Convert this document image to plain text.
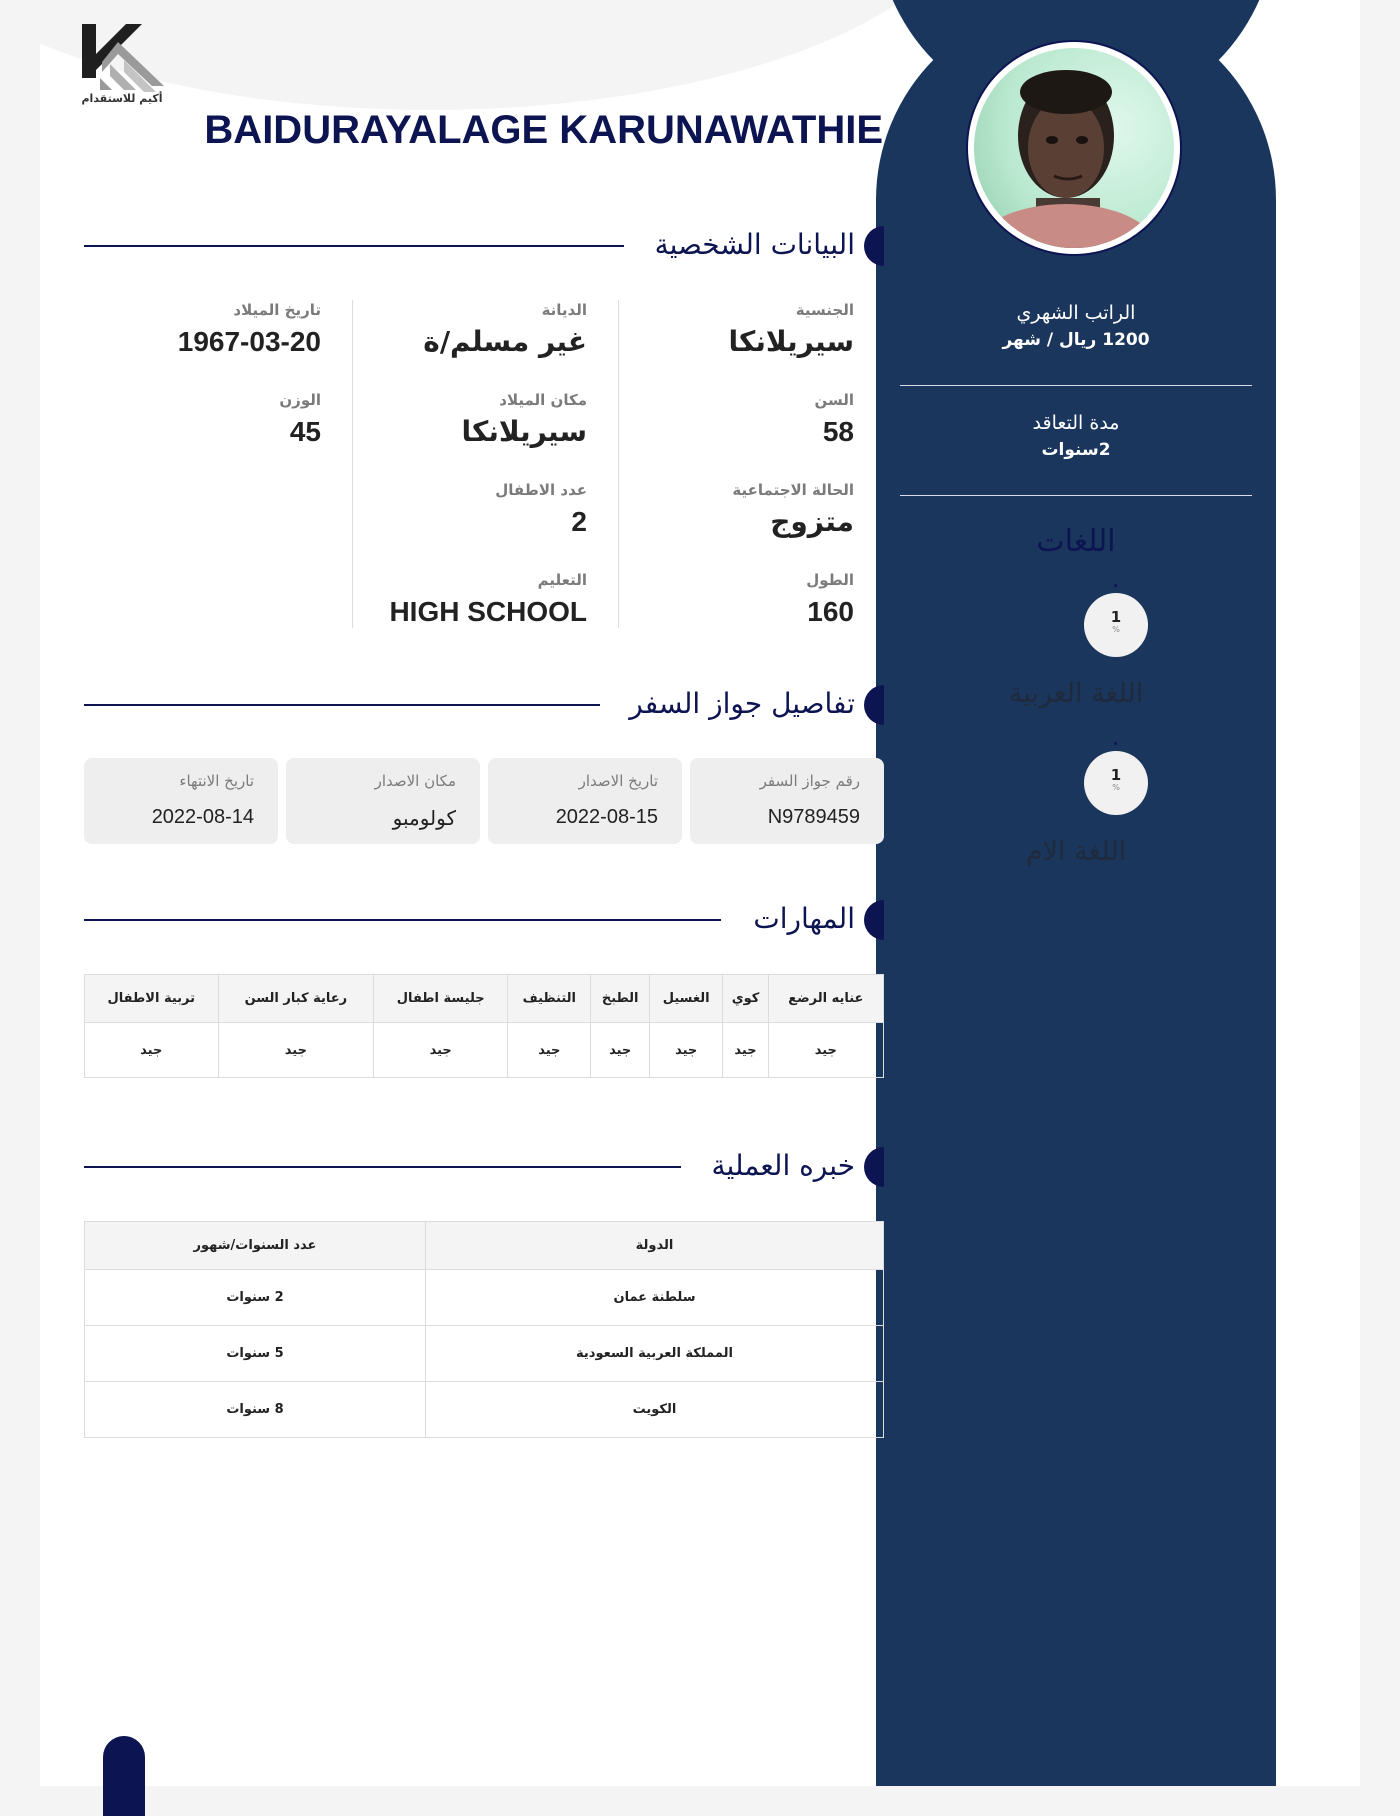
أكيم للاستقدام
الراتب الشهري
1200 ريال / شهر
مدة التعاقد
2سنوات
اللغات
1
%
اللغة العربية
1
%
اللغة الام
BAIDURAYALAGE KARUNAWATHIE
البيانات الشخصية
الجنسية
سيريلانكا
السن
58
الحالة الاجتماعية
متزوج
الطول
160
الديانة
غير مسلم/ة
مكان الميلاد
سيريلانكا
عدد الاطفال
2
التعليم
HIGH SCHOOL
تاريخ الميلاد
1967-03-20
الوزن
45
تفاصيل جواز السفر
رقم جواز السفر
N9789459
تاريخ الاصدار
2022-08-15
مكان الاصدار
كولومبو
تاريخ الانتهاء
2022-08-14
المهارات
عنايه الرضع	كوي	الغسيل	الطبخ	التنظيف	جليسة اطفال	رعاية كبار السن	تربية الاطفال
جيد	جيد	جيد	جيد	جيد	جيد	جيد	جيد
خبره العملية
الدولة	عدد السنوات/شهور
سلطنة عمان	2 سنوات
المملكة العربية السعودية	5 سنوات
الكويت	8 سنوات
